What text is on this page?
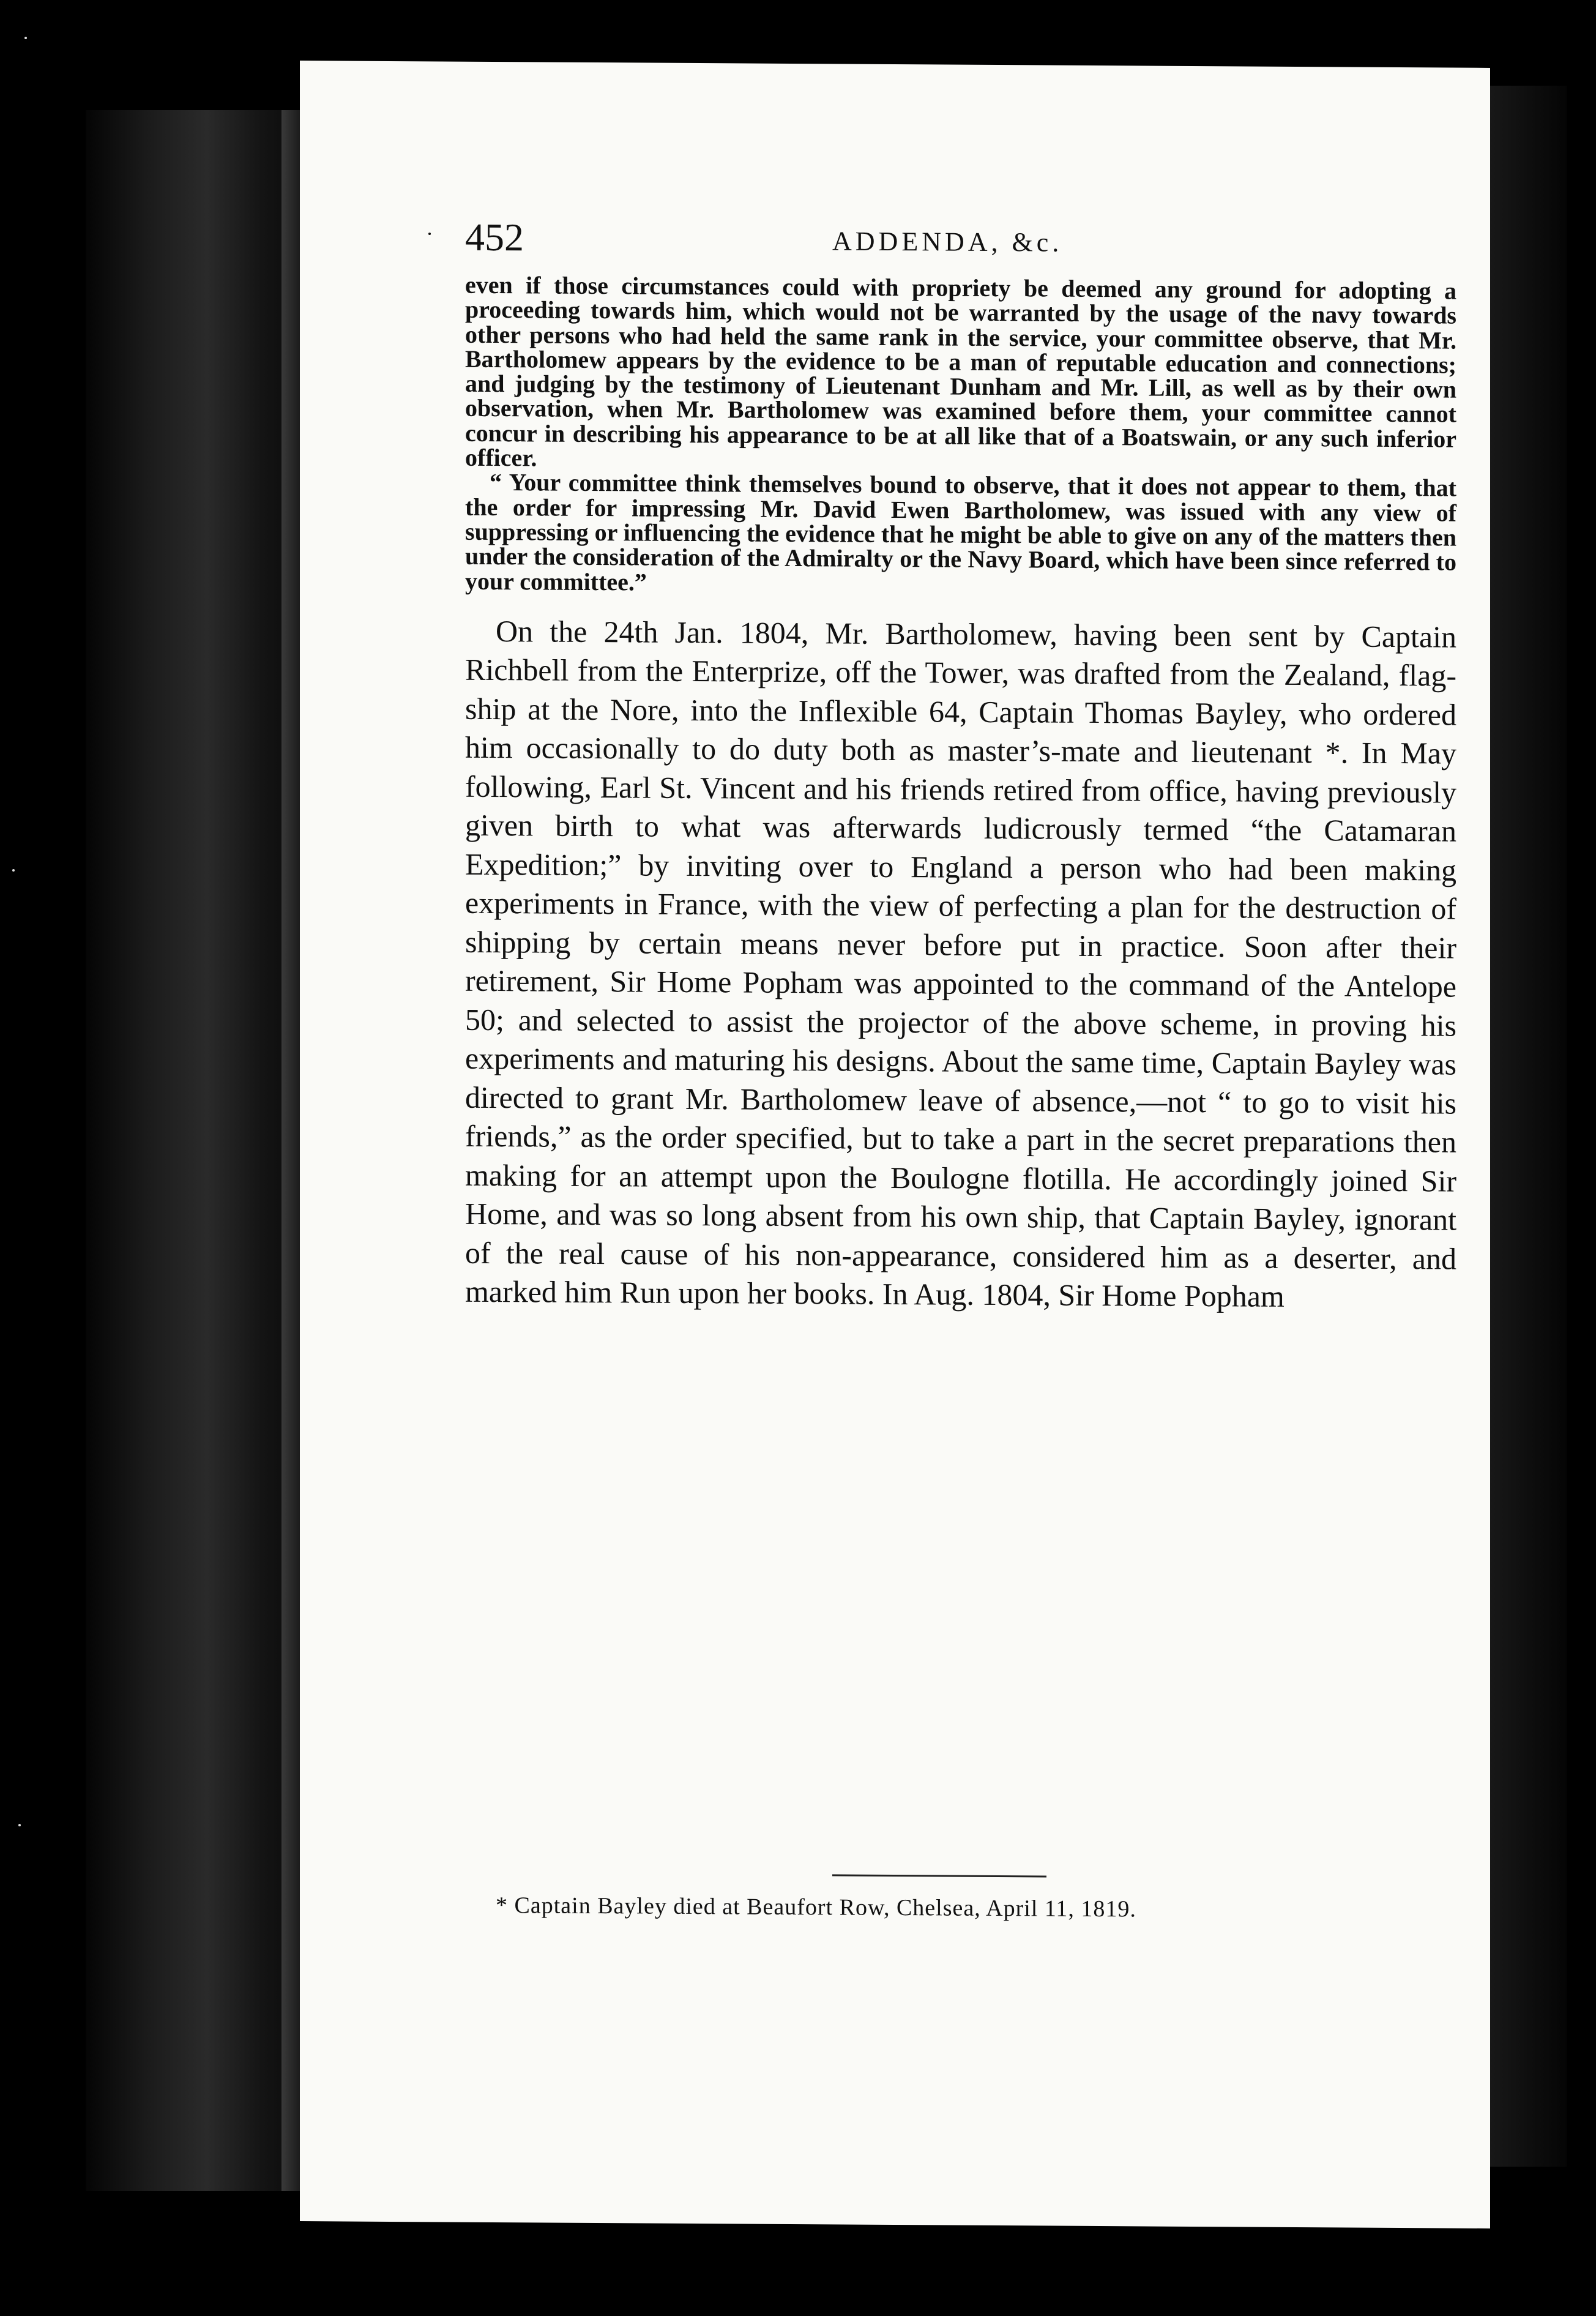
452	ADDENDA, &c.

even if those circumstances could with propriety be deemed any ground for adopting a proceeding towards him, which would not be warranted by the usage of the navy towards other persons who had held the same rank in the service, your committee observe, that Mr. Bartholomew appears by the evidence to be a man of reputable education and connections; and judging by the testimony of Lieutenant Dunham and Mr. Lill, as well as by their own observation, when Mr. Bartholomew was examined before them, your committee cannot concur in describing his appearance to be at all like that of a Boatswain, or any such inferior officer.

“ Your committee think themselves bound to observe, that it does not appear to them, that the order for impressing Mr. David Ewen Bartholomew, was issued with any view of suppressing or influencing the evidence that he might be able to give on any of the matters then under the consideration of the Admiralty or the Navy Board, which have been since referred to your committee.”

On the 24th Jan. 1804, Mr. Bartholomew, having been sent by Captain Richbell from the Enterprize, off the Tower, was drafted from the Zealand, flag-ship at the Nore, into the Inflexible 64, Captain Thomas Bayley, who ordered him occasionally to do duty both as master’s-mate and lieutenant *. In May following, Earl St. Vincent and his friends retired from office, having previously given birth to what was afterwards ludicrously termed “the Catamaran Expedition;” by inviting over to England a person who had been making experiments in France, with the view of perfecting a plan for the destruction of shipping by certain means never before put in practice. Soon after their retirement, Sir Home Popham was appointed to the command of the Antelope 50; and selected to assist the projector of the above scheme, in proving his experiments and maturing his designs. About the same time, Captain Bayley was directed to grant Mr. Bartholomew leave of absence,—not “ to go to visit his friends,” as the order specified, but to take a part in the secret preparations then making for an attempt upon the Boulogne flotilla. He accordingly joined Sir Home, and was so long absent from his own ship, that Captain Bayley, ignorant of the real cause of his non-appearance, considered him as a deserter, and marked him Run upon her books. In Aug. 1804, Sir Home Popham

* Captain Bayley died at Beaufort Row, Chelsea, April 11, 1819.
